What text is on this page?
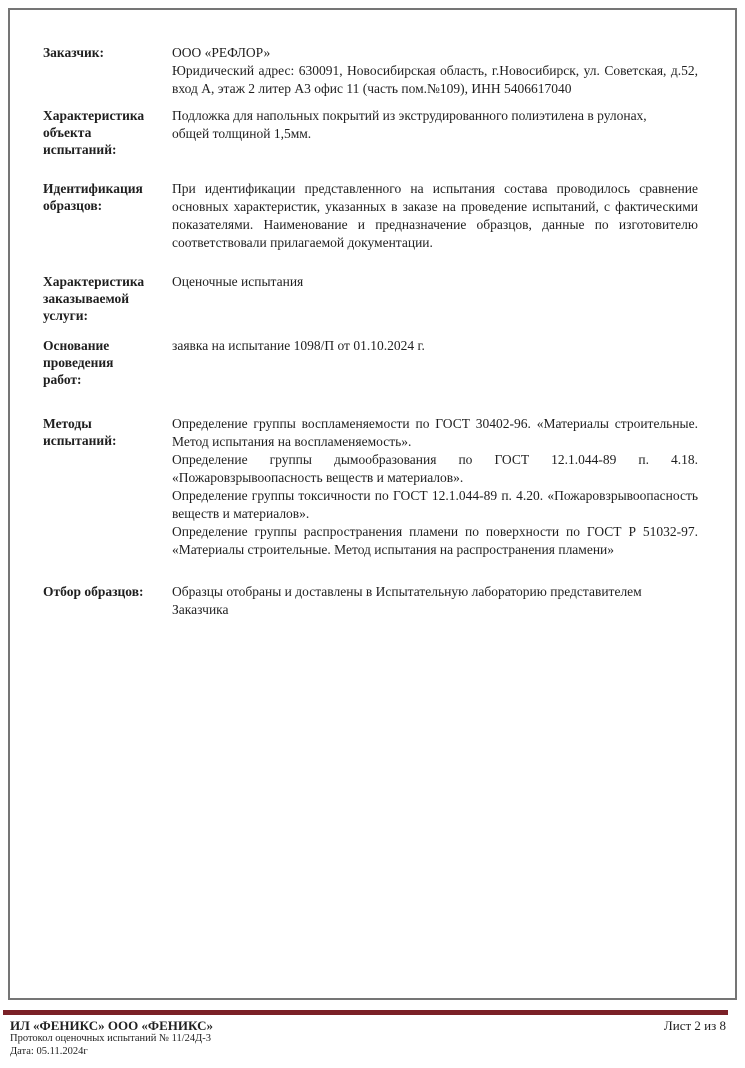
Заказчик:	ООО «РЕФЛОР»

Юридический адрес: 630091, Новосибирская область, г.Новосибирск, ул. Советская, д.52, вход А, этаж 2 литер А3 офис 11 (часть пом.№109), ИНН 5406617040

Характеристика объекта испытаний:

Подложка для напольных покрытий из экструдированного полиэтилена в рулонах,

общей толщиной 1,5мм.

Идентификация образцов:

При идентификации представленного на испытания состава проводилось сравнение основных характеристик, указанных в заказе на проведение испытаний, с фактическими показателями. Наименование и предназначение образцов, данные по изготовителю соответствовали прилагаемой документации.

Характеристика заказываемой услуги:

Оценочные испытания

Основание проведения работ:

заявка на испытание 1098/П от 01.10.2024 г.

Методы испытаний:

Определение группы воспламеняемости по ГОСТ 30402-96. «Материалы строительные. Метод испытания на воспламеняемость».

Определение группы дымообразования по ГОСТ 12.1.044-89 п. 4.18. «Пожаровзрывоопасность веществ и материалов».

Определение группы токсичности по ГОСТ 12.1.044-89 п. 4.20. «Пожаровзрывоопасность веществ и материалов».

Определение группы распространения пламени по поверхности по ГОСТ Р 51032-97. «Материалы строительные. Метод испытания на распространения пламени»

Отбор образцов:	Образцы отобраны и доставлены в Испытательную лабораторию представителем Заказчика

ИЛ «ФЕНИКС» ООО «ФЕНИКС»
Протокол оценочных испытаний № 11/24Д-3
Дата: 05.11.2024г
Лист 2 из 8
